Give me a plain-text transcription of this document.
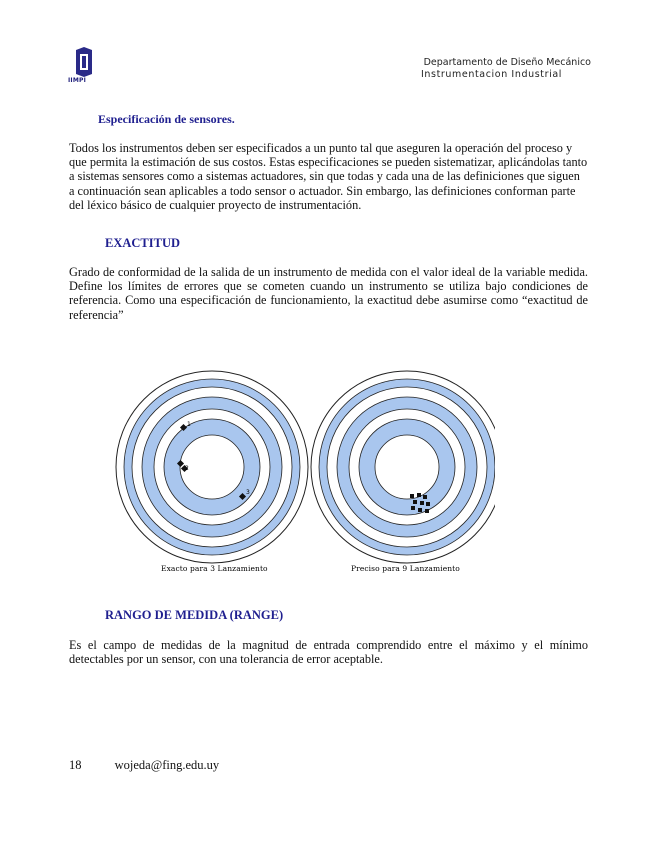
IIMPI
Departamento de Diseño Mecánico
Instrumentacion Industrial
Especificación de sensores.
Todos los instrumentos deben ser especificados a un punto tal que aseguren la operación del proceso y que permita la estimación de sus costos. Estas especificaciones se pueden sistematizar, aplicándolas tanto a sistemas sensores como a sistemas actuadores, sin que todas y cada una de las definiciones que siguen a continuación sean aplicables a todo sensor o actuador. Sin embargo, las definiciones conforman parte del léxico básico de cualquier proyecto de instrumentación.
EXACTITUD
Grado de conformidad de la salida de un instrumento de medida con el valor ideal de la variable medida. Define los límites de errores que se cometen cuando un instrumento se utiliza bajo condiciones de referencia. Como una especificación de funcionamiento, la exactitud debe asumirse como “exactitud de referencia”
1
2
3
Exacto para 3 Lanzamiento	Preciso para 9 Lanzamiento
RANGO DE MEDIDA (RANGE)
Es el campo de medidas de la magnitud de entrada comprendido entre el máximo y el mínimo detectables por un sensor, con una tolerancia de error aceptable.
18	wojeda@fing.edu.uy
